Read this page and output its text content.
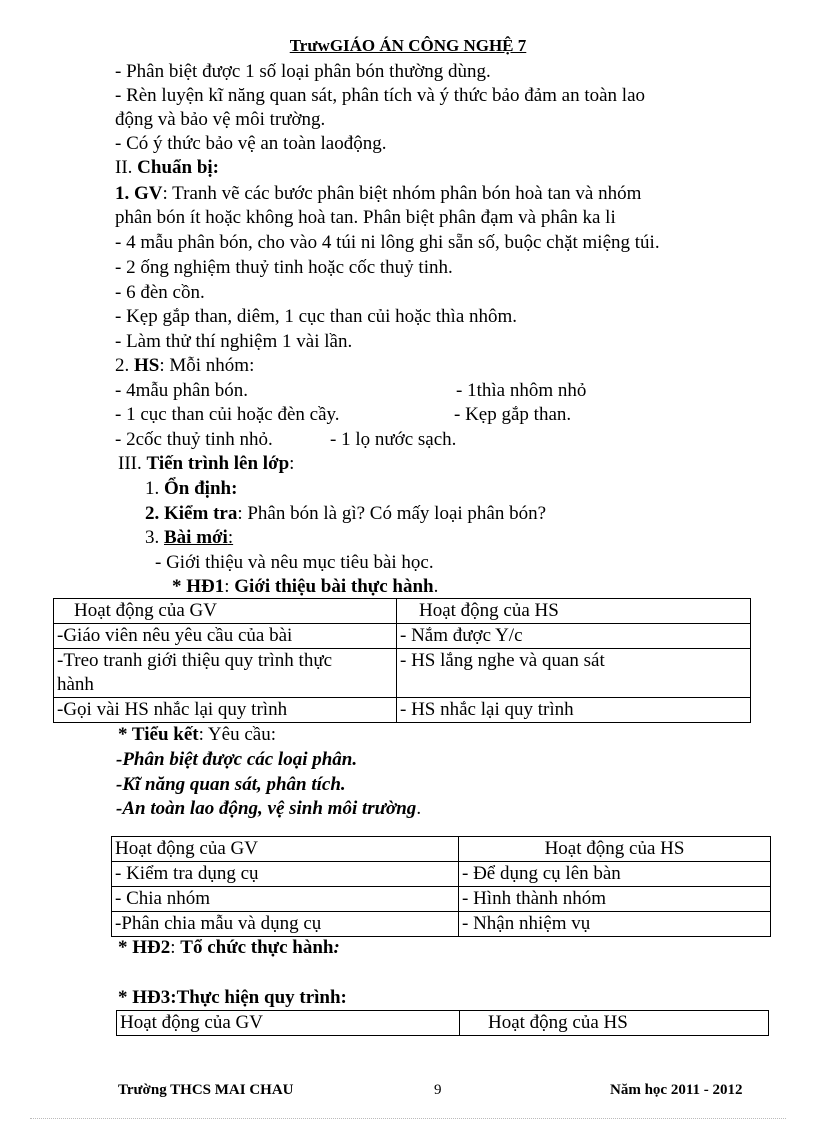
TrưwGIÁO ÁN CÔNG NGHỆ 7
- Phân biệt được 1 số loại phân bón thường dùng.
- Rèn luyện kĩ năng quan sát, phân tích và ý thức bảo đảm an toàn lao
động và bảo vệ môi trường.
- Có ý thức bảo vệ an toàn laođộng.
II. Chuẩn bị:
1. GV: Tranh vẽ các bước phân biệt nhóm phân bón hoà tan và nhóm
phân bón ít hoặc không hoà tan. Phân biệt phân đạm và phân ka li
- 4 mẫu phân bón, cho vào 4 túi ni lông ghi sẵn số, buộc chặt miệng túi.
- 2 ống nghiệm thuỷ tinh hoặc cốc thuỷ tinh.
- 6 đèn cồn.
- Kẹp gắp than, diêm, 1 cục than củi hoặc thìa nhôm.
- Làm thử thí nghiệm 1 vài lần.
2. HS: Mỗi nhóm:
- 4mẫu phân bón.	- 1thìa nhôm nhỏ
- 1 cục than củi hoặc đèn cầy.	- Kẹp gắp than.
- 2cốc thuỷ tinh nhỏ.	- 1 lọ nước sạch.
III. Tiến trình lên lớp:
1. Ổn định:
2. Kiểm tra: Phân bón là gì? Có mấy loại phân bón?
3. Bài mới:
- Giới thiệu và nêu mục tiêu bài học.
* HĐ1: Giới thiệu bài thực hành.
Hoạt động của GV	Hoạt động của HS
-Giáo viên nêu yêu cầu của bài	- Nắm được Y/c
-Treo tranh giới thiệu quy trình thực	- HS lắng nghe và quan sát
hành	
-Gọi vài HS nhắc lại quy trình	- HS nhắc lại quy trình
* Tiểu kết: Yêu cầu:
-Phân biệt được các loại phân.
-Kĩ năng quan sát, phân tích.
-An toàn lao động, vệ sinh môi trường.
Hoạt động của GV	Hoạt động của HS
- Kiểm tra dụng cụ	- Để dụng cụ lên bàn
- Chia nhóm	- Hình thành nhóm
-Phân chia mẫu và dụng cụ	- Nhận nhiệm vụ
* HĐ2: Tổ chức thực hành:
* HĐ3:Thực hiện quy trình:
Hoạt động của GV	Hoạt động của HS
Trường THCS MAI CHAU	9	Năm học 2011 - 2012
